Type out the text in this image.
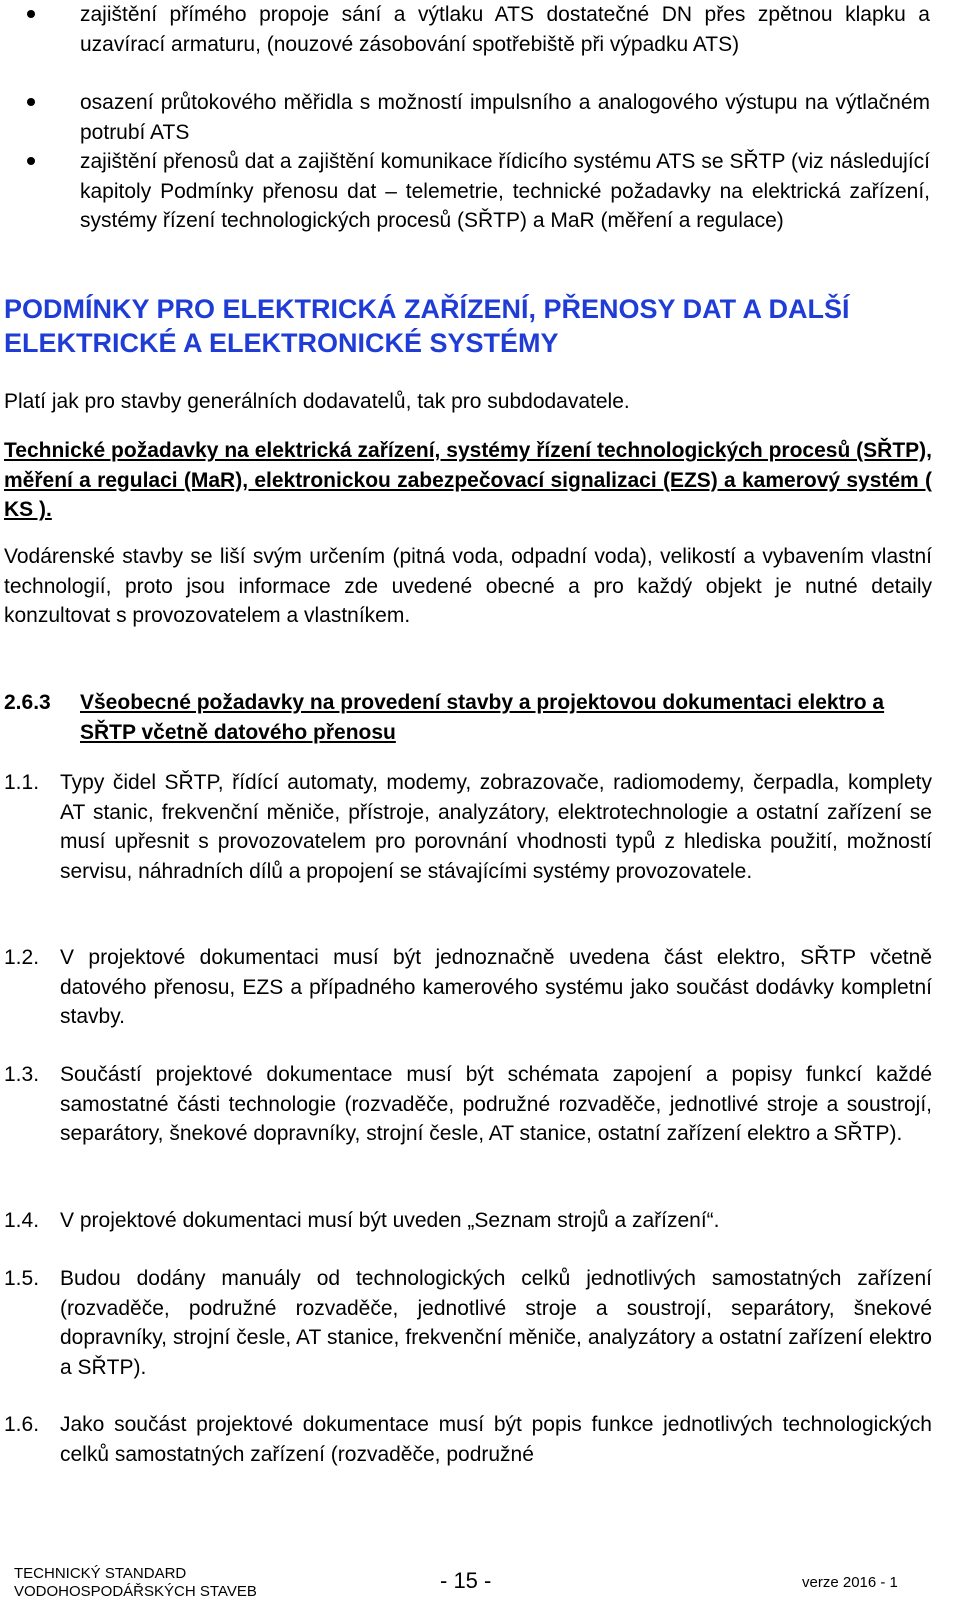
zajištění přímého propoje sání a výtlaku ATS dostatečné DN přes zpětnou klapku a uzavírací armaturu, (nouzové zásobování spotřebiště při výpadku ATS)
osazení průtokového měřidla s možností impulsního a analogového výstupu na výtlačném potrubí ATS
zajištění přenosů dat a zajištění komunikace řídicího systému ATS se SŘTP (viz následující kapitoly Podmínky přenosu dat – telemetrie, technické požadavky na elektrická zařízení, systémy řízení technologických procesů (SŘTP) a MaR (měření a regulace)
PODMÍNKY PRO ELEKTRICKÁ ZAŘÍZENÍ, PŘENOSY DAT A DALŠÍ ELEKTRICKÉ A ELEKTRONICKÉ SYSTÉMY
Platí jak pro stavby generálních dodavatelů, tak pro subdodavatele.
Technické požadavky na elektrická zařízení, systémy řízení technologických procesů (SŘTP), měření a regulaci (MaR), elektronickou zabezpečovací signalizaci (EZS) a kamerový systém ( KS ).
Vodárenské stavby se liší svým určením (pitná voda, odpadní voda), velikostí a vybavením vlastní technologií, proto jsou informace zde uvedené obecné a pro každý objekt je nutné detaily konzultovat s provozovatelem a vlastníkem.
2.6.3 Všeobecné požadavky na provedení stavby a projektovou dokumentaci elektro a SŘTP včetně datového přenosu
1.1. Typy čidel SŘTP, řídící automaty, modemy, zobrazovače, radiomodemy, čerpadla, komplety AT stanic, frekvenční měniče, přístroje, analyzátory, elektrotechnologie a ostatní zařízení se musí upřesnit s provozovatelem pro porovnání vhodnosti typů z hlediska použití, možností servisu, náhradních dílů a propojení se stávajícími systémy provozovatele.
1.2. V projektové dokumentaci musí být jednoznačně uvedena část elektro, SŘTP včetně datového přenosu, EZS a případného kamerového systému jako součást dodávky kompletní stavby.
1.3. Součástí projektové dokumentace musí být schémata zapojení a popisy funkcí každé samostatné části technologie (rozvaděče, podružné rozvaděče, jednotlivé stroje a soustrojí, separátory, šnekové dopravníky, strojní česle, AT stanice, ostatní zařízení elektro a SŘTP).
1.4. V projektové dokumentaci musí být uveden „Seznam strojů a zařízení“.
1.5. Budou dodány manuály od technologických celků jednotlivých samostatných zařízení (rozvaděče, podružné rozvaděče, jednotlivé stroje a soustrojí, separátory, šnekové dopravníky, strojní česle, AT stanice, frekvenční měniče, analyzátory a ostatní zařízení elektro a SŘTP).
1.6. Jako součást projektové dokumentace musí být popis funkce jednotlivých technologických celků samostatných zařízení (rozvaděče, podružné
TECHNICKÝ STANDARD
VODOHOSPODÁŘSKÝCH STAVEB	- 15 -	verze 2016 - 1
